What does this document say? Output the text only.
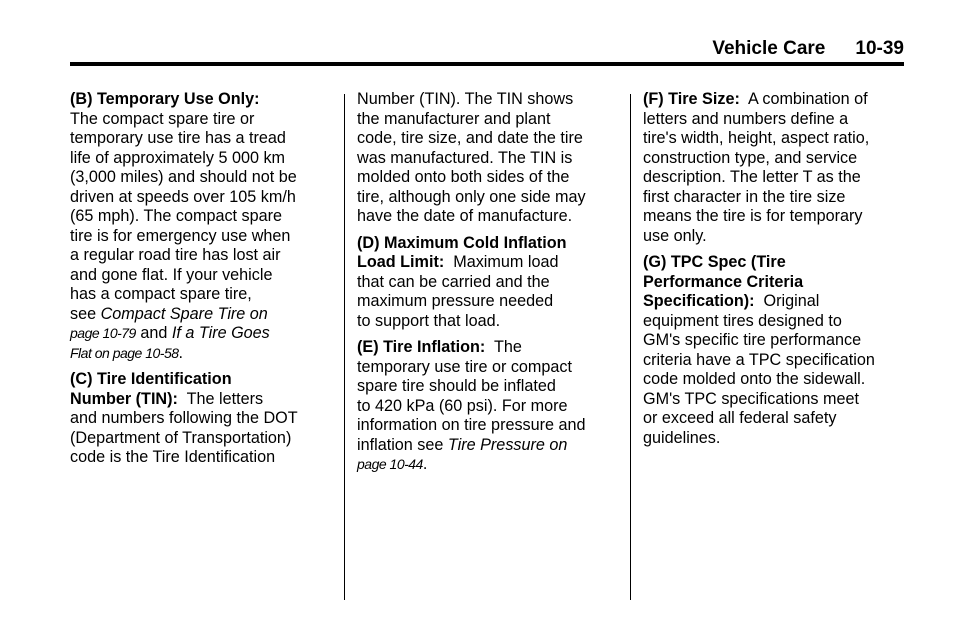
Vehicle Care 10-39

(B) Temporary Use Only:
The compact spare tire or
temporary use tire has a tread
life of approximately 5 000 km
(3,000 miles) and should not be
driven at speeds over 105 km/h
(65 mph). The compact spare
tire is for emergency use when
a regular road tire has lost air
and gone flat. If your vehicle
has a compact spare tire,
see Compact Spare Tire on
page 10-79 and If a Tire Goes
Flat on page 10-58.

(C) Tire Identification
Number (TIN):  The letters
and numbers following the DOT
(Department of Transportation)
code is the Tire Identification

Number (TIN). The TIN shows
the manufacturer and plant
code, tire size, and date the tire
was manufactured. The TIN is
molded onto both sides of the
tire, although only one side may
have the date of manufacture.

(D) Maximum Cold Inflation
Load Limit:  Maximum load
that can be carried and the
maximum pressure needed
to support that load.

(E) Tire Inflation:  The
temporary use tire or compact
spare tire should be inflated
to 420 kPa (60 psi). For more
information on tire pressure and
inflation see Tire Pressure on
page 10-44.

(F) Tire Size:  A combination of
letters and numbers define a
tire's width, height, aspect ratio,
construction type, and service
description. The letter T as the
first character in the tire size
means the tire is for temporary
use only.

(G) TPC Spec (Tire
Performance Criteria
Specification):  Original
equipment tires designed to
GM's specific tire performance
criteria have a TPC specification
code molded onto the sidewall.
GM's TPC specifications meet
or exceed all federal safety
guidelines.
